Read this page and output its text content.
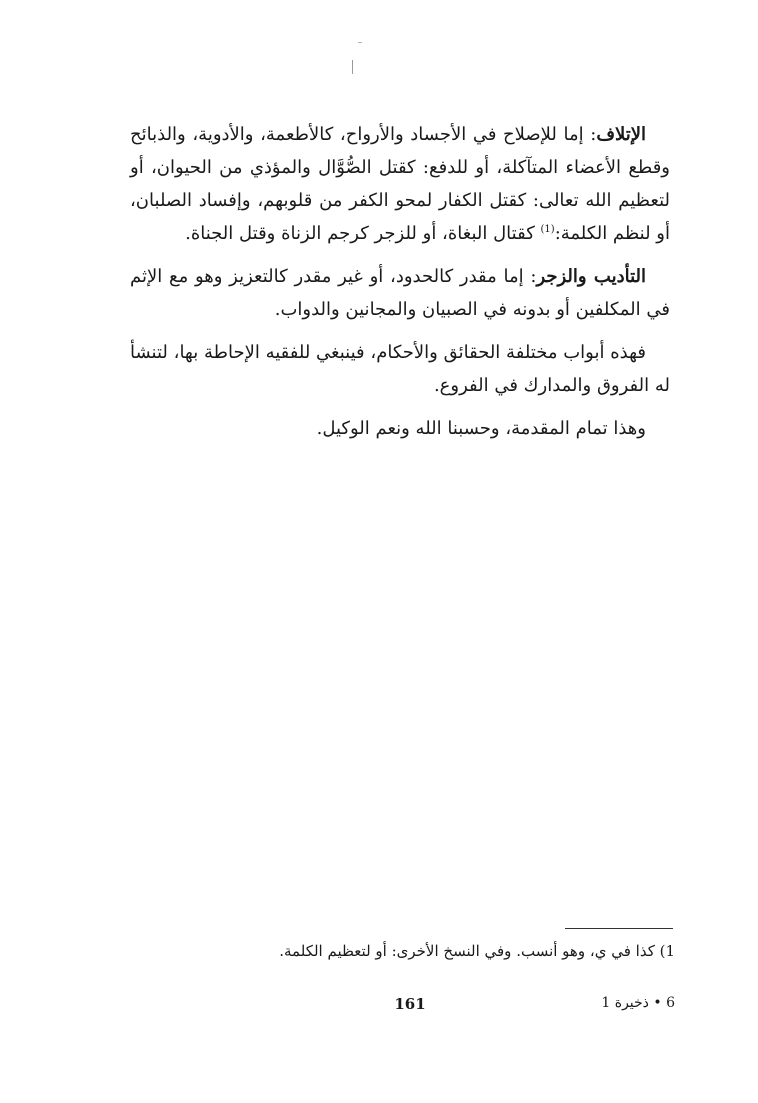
الإتلاف: إما للإصلاح في الأجساد والأرواح، كالأطعمة، والأدوية، والذبائح وقطع الأعضاء المتآكلة، أو للدفع: كقتل الصُّوَّال والمؤذي من الحيوان، أو لتعظيم الله تعالى: كقتل الكفار لمحو الكفر من قلوبهم، وإفساد الصلبان، أو لنظم الكلمة:$^{(1)}$ كقتال البغاة، أو للزجر كرجم الزناة وقتل الجناة.

التأديب والزجر: إما مقدر كالحدود، أو غير مقدر كالتعزيز وهو مع الإثم في المكلفين أو بدونه في الصبيان والمجانين والدواب.

فهذه أبواب مختلفة الحقائق والأحكام، فينبغي للفقيه الإحاطة بها، لتنشأ له الفروق والمدارك في الفروع.

وهذا تمام المقدمة، وحسبنا الله ونعم الوكيل.

1) كذا في ي، وهو أنسب. وفي النسخ الأخرى: أو لتعظيم الكلمة.
161	6 • ذخيرة 1
